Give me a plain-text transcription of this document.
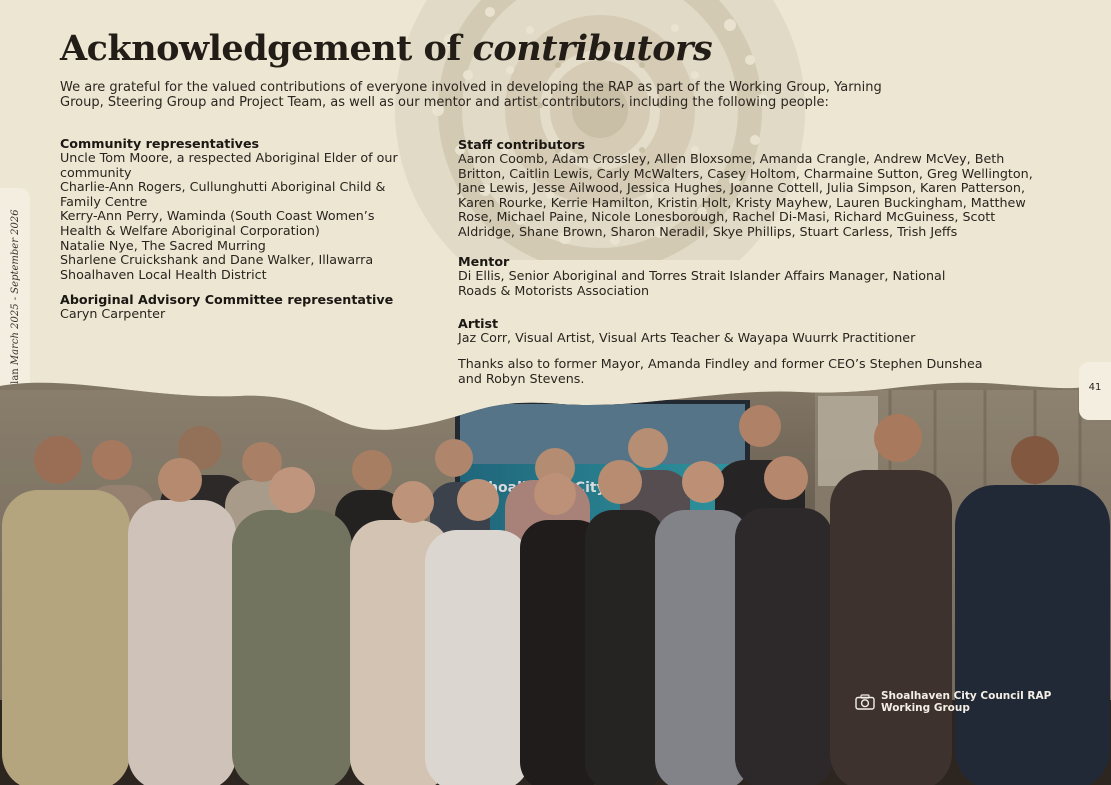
Acknowledgement of contributors

We are grateful for the valued contributions of everyone involved in developing the RAP as part of the Working Group, Yarning Group, Steering Group and Project Team, as well as our mentor and artist contributors, including the following people:

Community representatives

Uncle Tom Moore, a respected Aboriginal Elder of our
community
Charlie-Ann Rogers, Cullunghutti Aboriginal Child &
Family Centre
Kerry-Ann Perry, Waminda (South Coast Women’s
Health & Welfare Aboriginal Corporation)
Natalie Nye, The Sacred Murring
Sharlene Cruickshank and Dane Walker, Illawarra
Shoalhaven Local Health District

Aboriginal Advisory Committee representative

Caryn Carpenter

Staff contributors

Aaron Coomb, Adam Crossley, Allen Bloxsome, Amanda Crangle, Andrew McVey, Beth
Britton, Caitlin Lewis, Carly McWalters, Casey Holtom, Charmaine Sutton, Greg Wellington,
Jane Lewis, Jesse Ailwood, Jessica Hughes, Joanne Cottell, Julia Simpson, Karen Patterson,
Karen Rourke, Kerrie Hamilton, Kristin Holt, Kristy Mayhew, Lauren Buckingham, Matthew
Rose, Michael Paine, Nicole Lonesborough, Rachel Di-Masi, Richard McGuiness, Scott
Aldridge, Shane Brown, Sharon Neradil, Skye Phillips, Stuart Carless, Trish Jeffs

Mentor

Di Ellis, Senior Aboriginal and Torres Strait Islander Affairs Manager, National
Roads & Motorists Association

Artist

Jaz Corr, Visual Artist, Visual Arts Teacher & Wayapa Wuurrk Practitioner

Thanks also to former Mayor, Amanda Findley and former CEO’s Stephen Dunshea
and Robyn Stevens.

March 2025 - September 2026
41
City
Shoalhaven City Council RAP
Working Group
